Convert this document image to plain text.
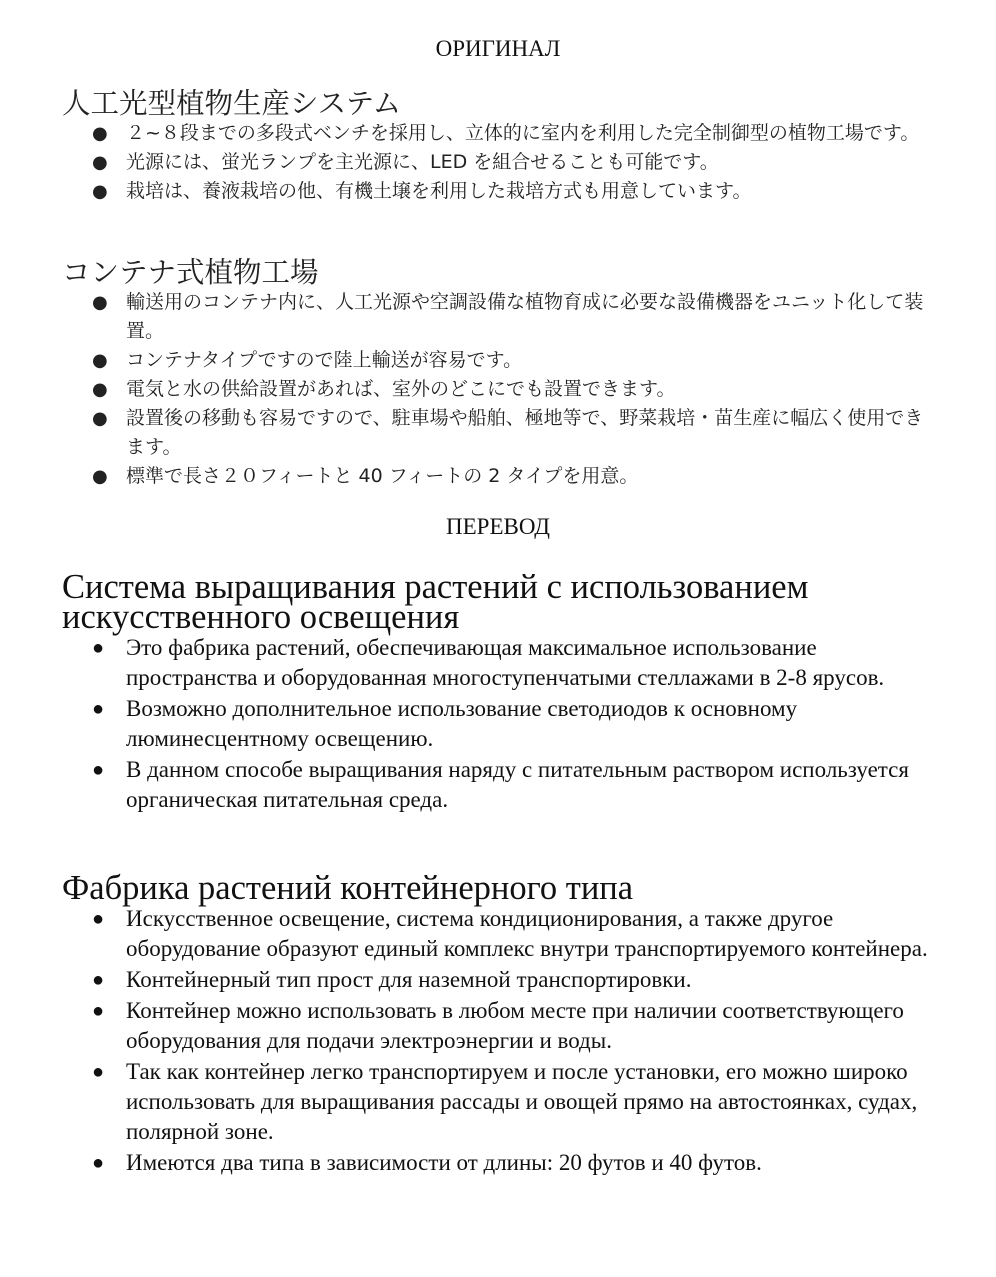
ОРИГИНАЛ
人工光型植物生産システム
● ２~８段までの多段式ベンチを採用し、立体的に室内を利用した完全制御型の植物工場です。
● 光源には、蛍光ランプを主光源に、LED を組合せることも可能です。
● 栽培は、養液栽培の他、有機土壌を利用した栽培方式も用意しています。
コンテナ式植物工場
● 輸送用のコンテナ内に、人工光源や空調設備な植物育成に必要な設備機器をユニット化して装置。
● コンテナタイプですので陸上輸送が容易です。
● 電気と水の供給設置があれば、室外のどこにでも設置できます。
● 設置後の移動も容易ですので、駐車場や船舶、極地等で、野菜栽培・苗生産に幅広く使用できます。
● 標準で長さ２０フィートと 40 フィートの 2 タイプを用意。
ПЕРЕВОД
Система выращивания растений с использованием искусственного освещения
● Это фабрика растений, обеспечивающая максимальное использование пространства и оборудованная многоступенчатыми стеллажами в 2-8 ярусов.
● Возможно дополнительное использование светодиодов к основному люминесцентному освещению.
● В данном способе выращивания наряду с питательным раствором используется органическая питательная среда.
Фабрика растений контейнерного типа
● Искусственное освещение, система кондиционирования, а также другое оборудование образуют единый комплекс внутри транспортируемого контейнера.
● Контейнерный тип прост для наземной транспортировки.
● Контейнер можно использовать в любом месте при наличии соответствующего оборудования для подачи электроэнергии и воды.
● Так как контейнер легко транспортируем и после установки, его можно широко использовать для выращивания рассады и овощей прямо на автостоянках, судах, полярной зоне.
● Имеются два типа в зависимости от длины: 20 футов и 40 футов.
